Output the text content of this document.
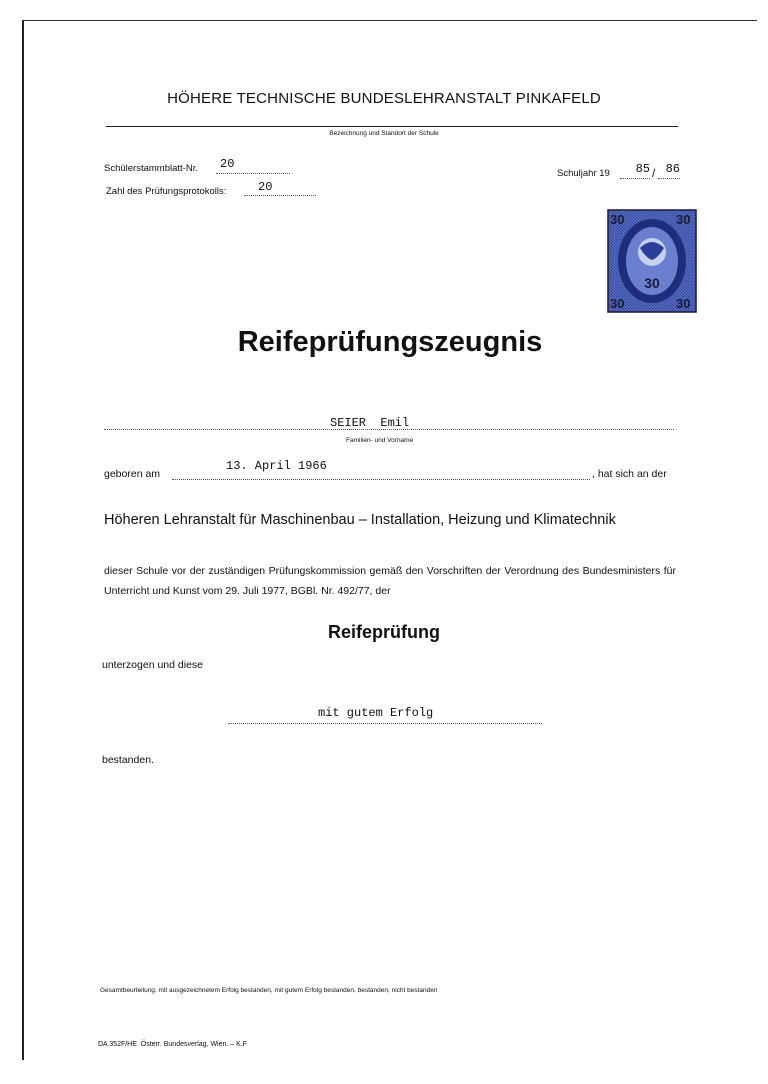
HÖHERE TECHNISCHE BUNDESLEHRANSTALT PINKAFELD
Bezeichnung und Standort der Schule
Schülerstammblatt-Nr.	20
Zahl des Prüfungsprotokolls:	20
Schuljahr 19	85 / 86
30
30	30
30	30
Reifeprüfungszeugnis
SEIER  Emil
Familien- und Vorname
geboren am
13. April 1966
, hat sich an der
Höheren Lehranstalt für Maschinenbau – Installation, Heizung und Klimatechnik
dieser Schule vor der zuständigen Prüfungskommission gemäß den Vorschriften der Verordnung des Bundesministers für Unterricht und Kunst vom 29. Juli 1977, BGBl. Nr. 492/77, der
Reifeprüfung
unterzogen und diese
mit gutem Erfolg
bestanden.
Gesamtbeurteilung: mit ausgezeichnetem Erfolg bestanden, mit gutem Erfolg bestanden, bestanden, nicht bestanden
DA 352F/HE  Österr. Bundesverlag, Wien. – K.F
